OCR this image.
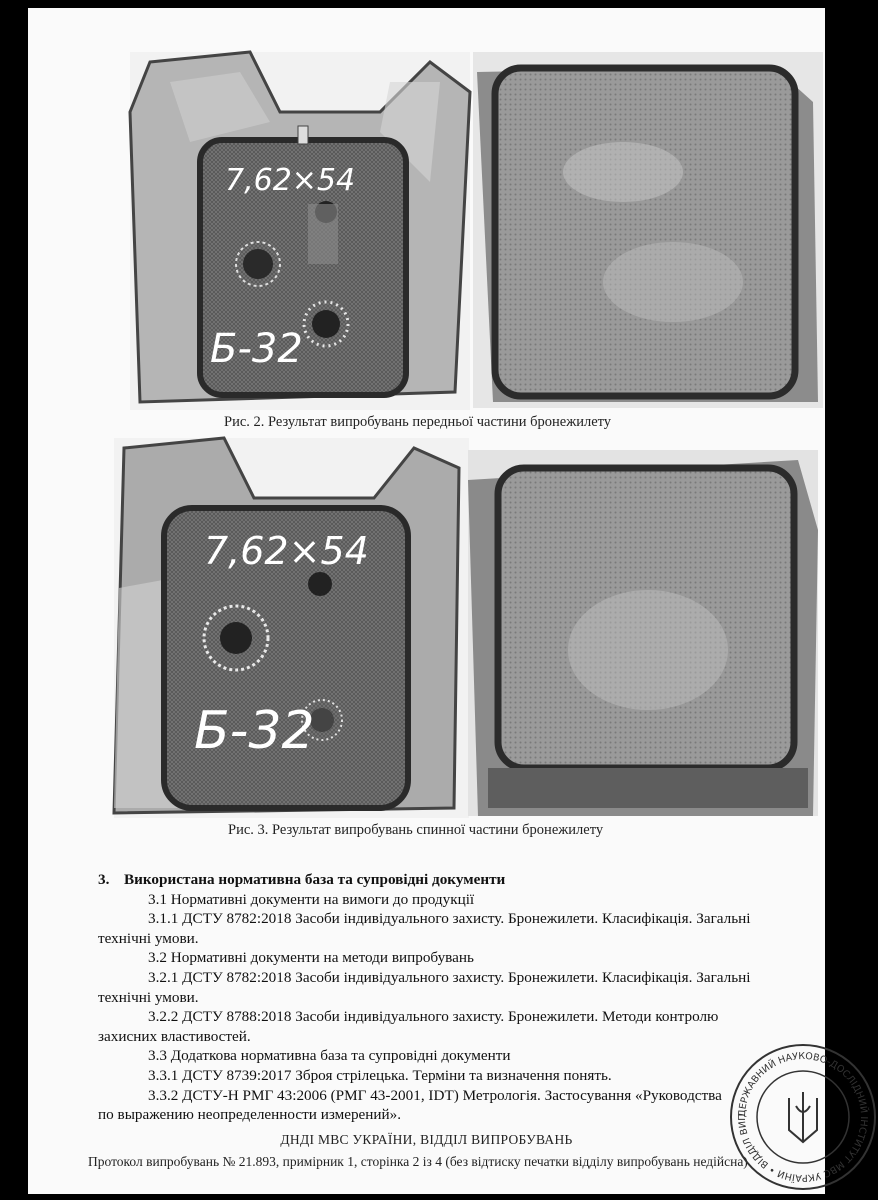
7,62×54
Б-32
Рис. 2. Результат випробувань передньої частини бронежилету
7,62×54
Б-32
Рис. 3. Результат випробувань спинної частини бронежилету

3. Використана нормативна база та супровідні документи

3.1 Нормативні документи на вимоги до продукції

3.1.1 ДСТУ 8782:2018 Засоби індивідуального захисту. Бронежилети. Класифікація. Загальні

технічні умови.

3.2 Нормативні документи на методи випробувань

3.2.1 ДСТУ 8782:2018 Засоби індивідуального захисту. Бронежилети. Класифікація. Загальні

технічні умови.

3.2.2 ДСТУ 8788:2018 Засоби індивідуального захисту. Бронежилети. Методи контролю

захисних властивостей.

3.3 Додаткова нормативна база та супровідні документи

3.3.1 ДСТУ 8739:2017 Зброя стрілецька. Терміни та визначення понять.

3.3.2 ДСТУ-Н РМГ 43:2006 (РМГ 43-2001, IDT) Метрологія. Застосування «Руководства

по выражению неопределенности измерений».

ДНДІ МВС УКРАЇНИ, ВІДДІЛ ВИПРОБУВАНЬ
Протокол випробувань № 21.893, примірник 1, сторінка 2 із 4 (без відтиску печатки відділу випробувань недійсна)
ДЕРЖАВНИЙ НАУКОВО-ДОСЛІДНИЙ ІНСТИТУТ МВС УКРАЇНИ • ВІДДІЛ ВИП
